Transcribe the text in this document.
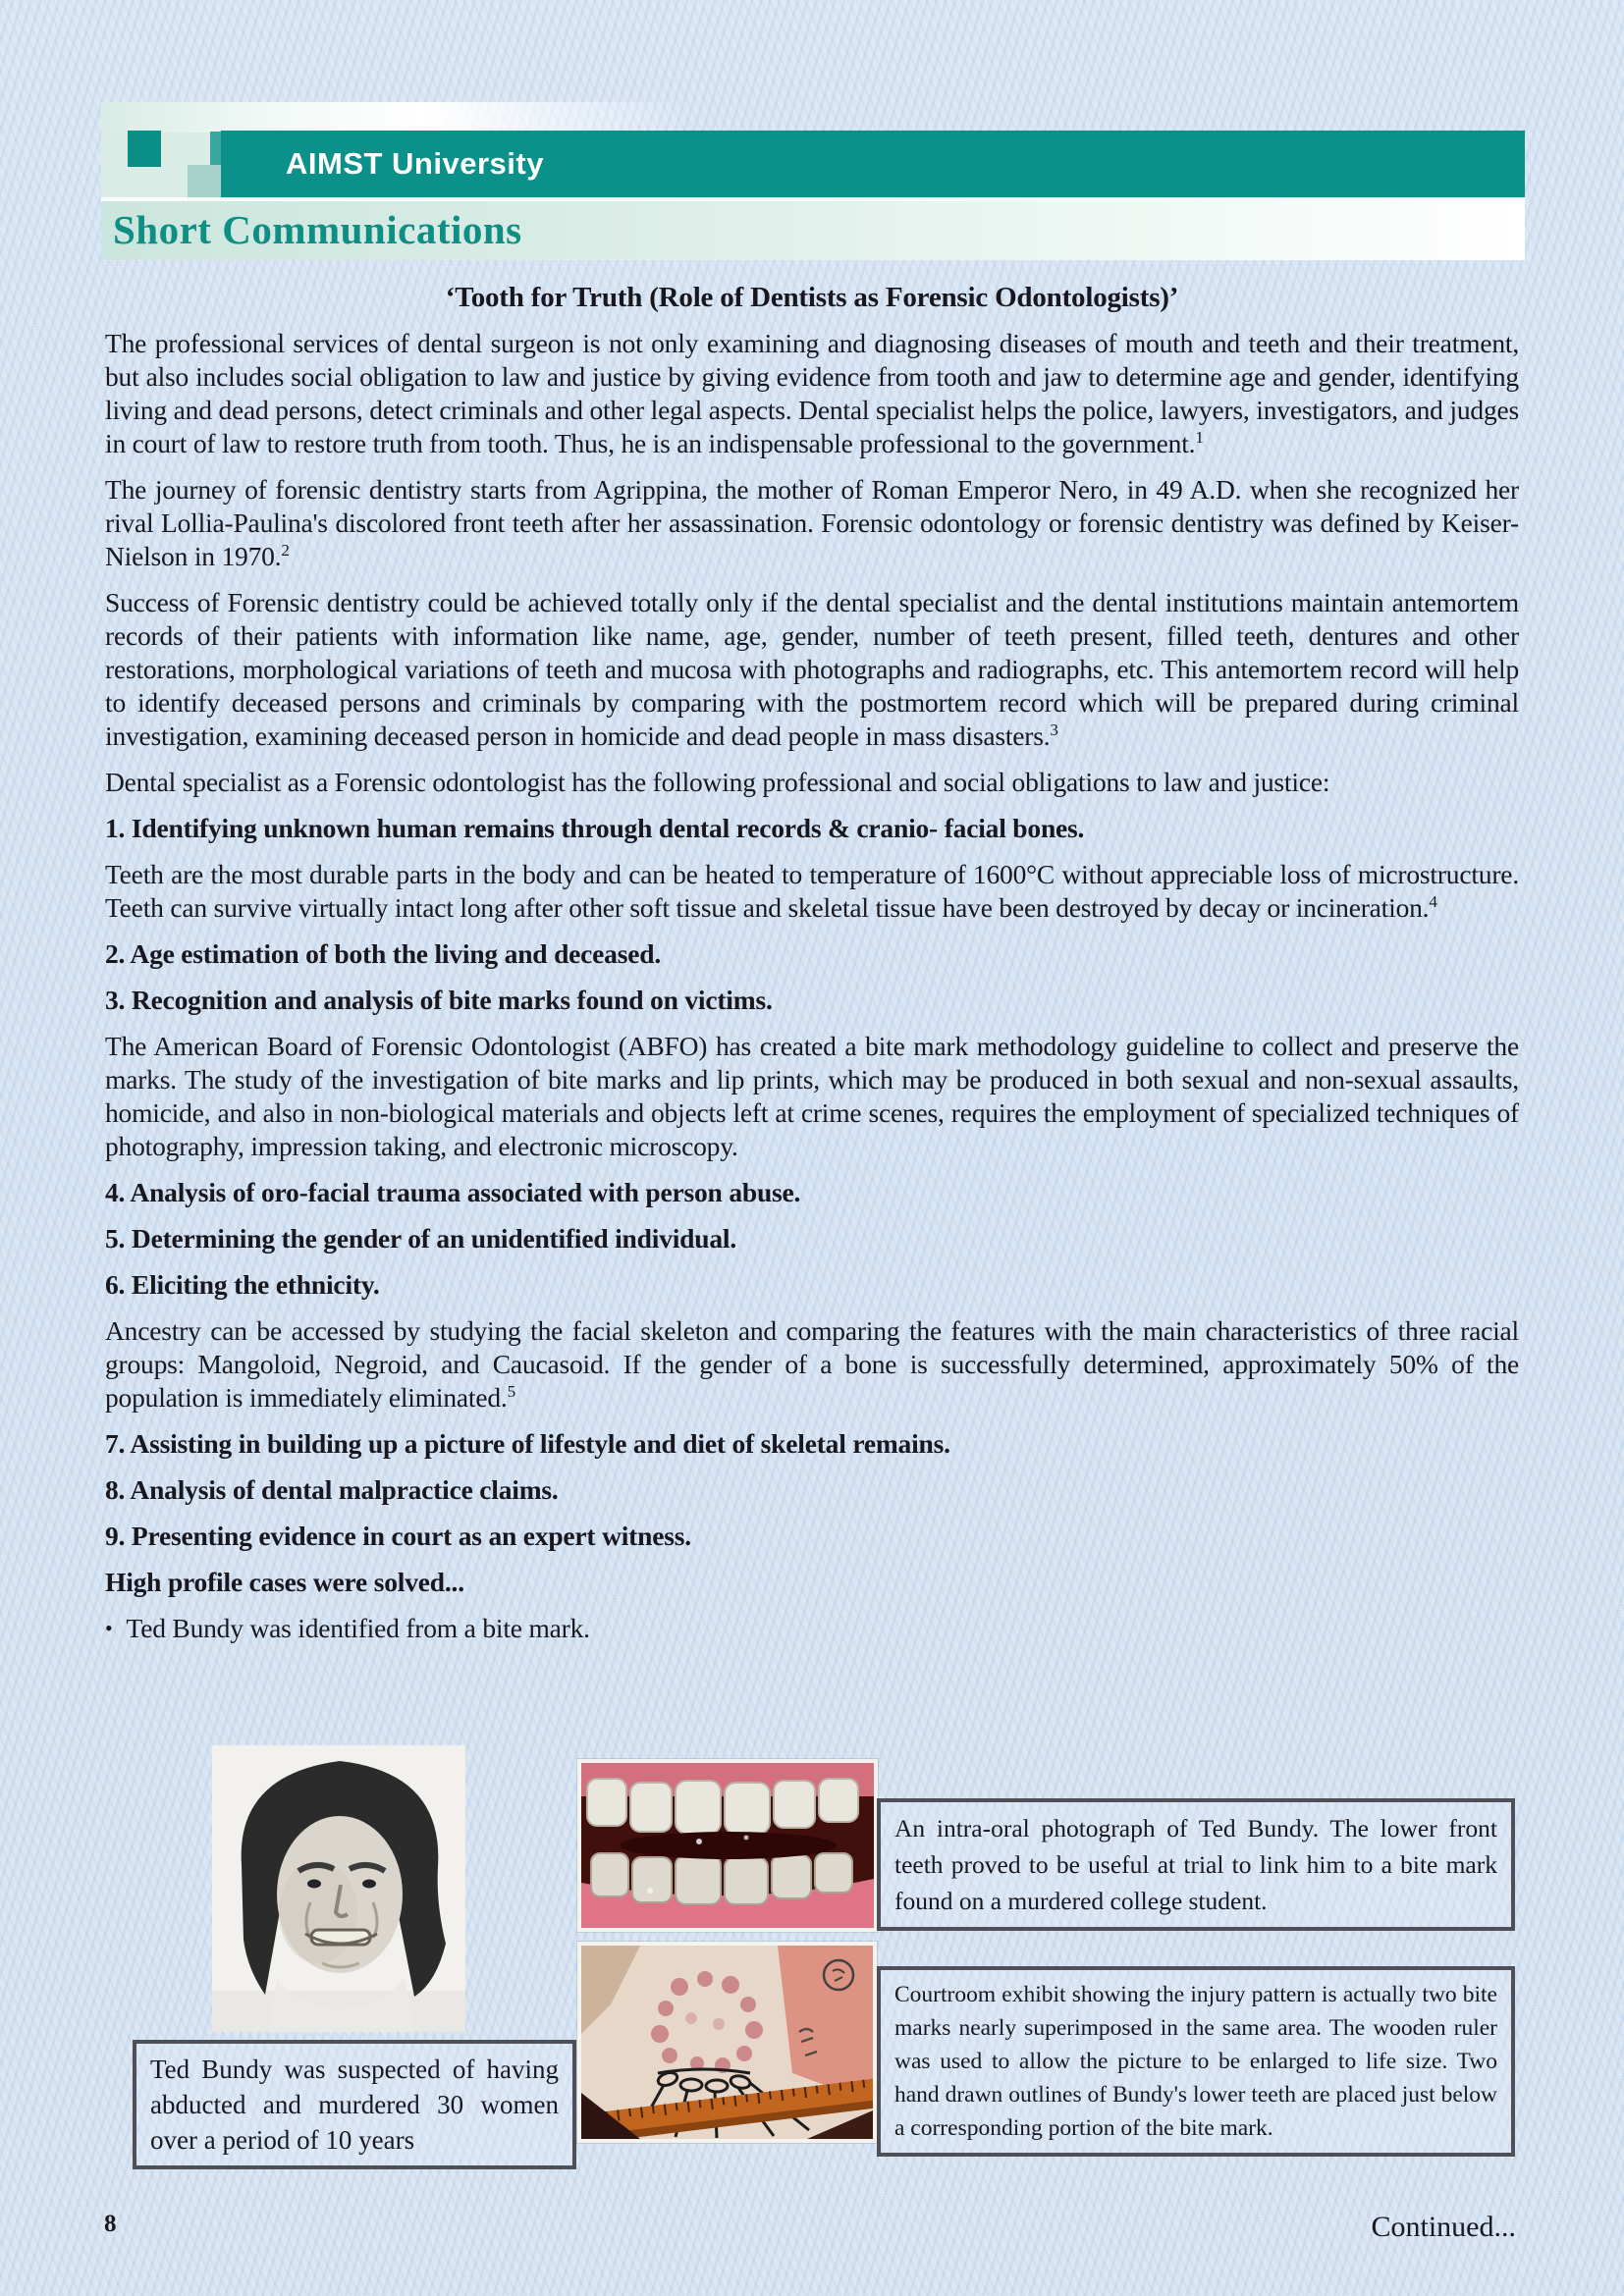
AIMST University
Short Communications
‘Tooth for Truth (Role of Dentists as Forensic Odontologists)’

The professional services of dental surgeon is not only examining and diagnosing diseases of mouth and teeth and their treatment, but also includes social obligation to law and justice by giving evidence from tooth and jaw to determine age and gender, identifying living and dead persons, detect criminals and other legal aspects. Dental specialist helps the police, lawyers, investigators, and judges in court of law to restore truth from tooth. Thus, he is an indispensable professional to the government.$^1$

The journey of forensic dentistry starts from Agrippina, the mother of Roman Emperor Nero, in 49 A.D. when she recognized her rival Lollia-Paulina's discolored front teeth after her assassination. Forensic odontology or forensic dentistry was defined by Keiser-Nielson in 1970.$^2$

Success of Forensic dentistry could be achieved totally only if the dental specialist and the dental institutions maintain antemortem records of their patients with information like name, age, gender, number of teeth present, filled teeth, dentures and other restorations, morphological variations of teeth and mucosa with photographs and radiographs, etc. This antemortem record will help to identify deceased persons and criminals by comparing with the postmortem record which will be prepared during criminal investigation, examining deceased person in homicide and dead people in mass disasters.$^3$

Dental specialist as a Forensic odontologist has the following professional and social obligations to law and justice:

1. Identifying unknown human remains through dental records & cranio- facial bones.

Teeth are the most durable parts in the body and can be heated to temperature of 1600°C without appreciable loss of microstructure. Teeth can survive virtually intact long after other soft tissue and skeletal tissue have been destroyed by decay or incineration.$^4$

2. Age estimation of both the living and deceased.

3. Recognition and analysis of bite marks found on victims.

The American Board of Forensic Odontologist (ABFO) has created a bite mark methodology guideline to collect and preserve the marks. The study of the investigation of bite marks and lip prints, which may be produced in both sexual and non-sexual assaults, homicide, and also in non-biological materials and objects left at crime scenes, requires the employment of specialized techniques of photography, impression taking, and electronic microscopy.

4. Analysis of oro-facial trauma associated with person abuse.

5. Determining the gender of an unidentified individual.

6. Eliciting the ethnicity.

Ancestry can be accessed by studying the facial skeleton and comparing the features with the main characteristics of three racial groups: Mangoloid, Negroid, and Caucasoid. If the gender of a bone is successfully determined, approximately 50% of the population is immediately eliminated.$^5$

7. Assisting in building up a picture of lifestyle and diet of skeletal remains.

8. Analysis of dental malpractice claims.

9. Presenting evidence in court as an expert witness.

High profile cases were solved...

• Ted Bundy was identified from a bite mark.

Ted Bundy was suspected of having abducted and murdered 30 women over a period of 10 years
An intra-oral photograph of Ted Bundy. The lower front teeth proved to be useful at trial to link him to a bite mark found on a murdered college student.
Courtroom exhibit showing the injury pattern is actually two bite marks nearly superimposed in the same area. The wooden ruler was used to allow the picture to be enlarged to life size. Two hand drawn outlines of Bundy's lower teeth are placed just below a corresponding portion of the bite mark.
Continued...
8
